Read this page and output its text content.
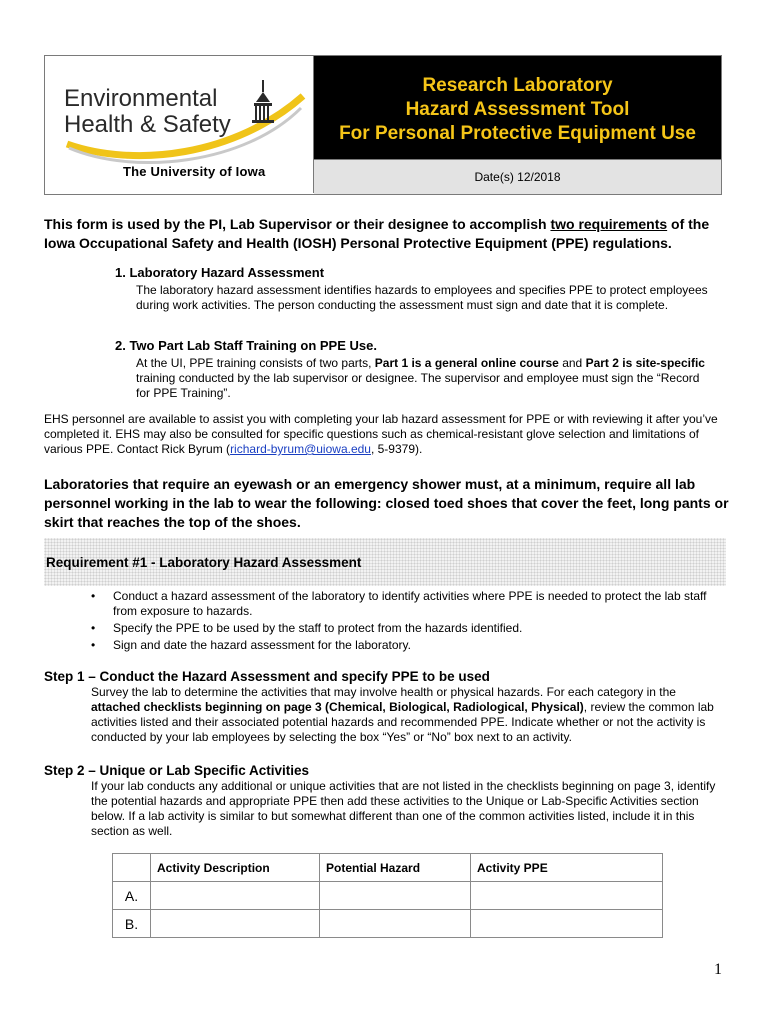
Environmental
Health & Safety
The University of Iowa
Research Laboratory
Hazard Assessment Tool
For Personal Protective Equipment Use
Date(s) 12/2018

This form is used by the PI, Lab Supervisor or their designee to accomplish two requirements of the Iowa Occupational Safety and Health (IOSH) Personal Protective Equipment (PPE) regulations.

1. Laboratory Hazard Assessment
The laboratory hazard assessment identifies hazards to employees and specifies PPE to protect employees during work activities. The person conducting the assessment must sign and date that it is complete.
2. Two Part Lab Staff Training on PPE Use.
At the UI, PPE training consists of two parts, Part 1 is a general online course and Part 2 is site-specific training conducted by the lab supervisor or designee. The supervisor and employee must sign the “Record for PPE Training”.

EHS personnel are available to assist you with completing your lab hazard assessment for PPE or with reviewing it after you’ve completed it. EHS may also be consulted for specific questions such as chemical-resistant glove selection and limitations of various PPE. Contact Rick Byrum (richard-byrum@uiowa.edu, 5-9379).

Laboratories that require an eyewash or an emergency shower must, at a minimum, require all lab personnel working in the lab to wear the following: closed toed shoes that cover the feet, long pants or skirt that reaches the top of the shoes.

Requirement #1 - Laboratory Hazard Assessment
• Conduct a hazard assessment of the laboratory to identify activities where PPE is needed to protect the lab staff from exposure to hazards.
• Specify the PPE to be used by the staff to protect from the hazards identified.
• Sign and date the hazard assessment for the laboratory.
Step 1 – Conduct the Hazard Assessment and specify PPE to be used
Survey the lab to determine the activities that may involve health or physical hazards. For each category in the attached checklists beginning on page 3 (Chemical, Biological, Radiological, Physical), review the common lab activities listed and their associated potential hazards and recommended PPE. Indicate whether or not the activity is conducted by your lab employees by selecting the box “Yes” or “No” box next to an activity.
Step 2 – Unique or Lab Specific Activities
If your lab conducts any additional or unique activities that are not listed in the checklists beginning on page 3, identify the potential hazards and appropriate PPE then add these activities to the Unique or Lab-Specific Activities section below. If a lab activity is similar to but somewhat different than one of the common activities listed, include it in this section as well.
	Activity Description	Potential Hazard	Activity PPE
A.			
B.			
1
